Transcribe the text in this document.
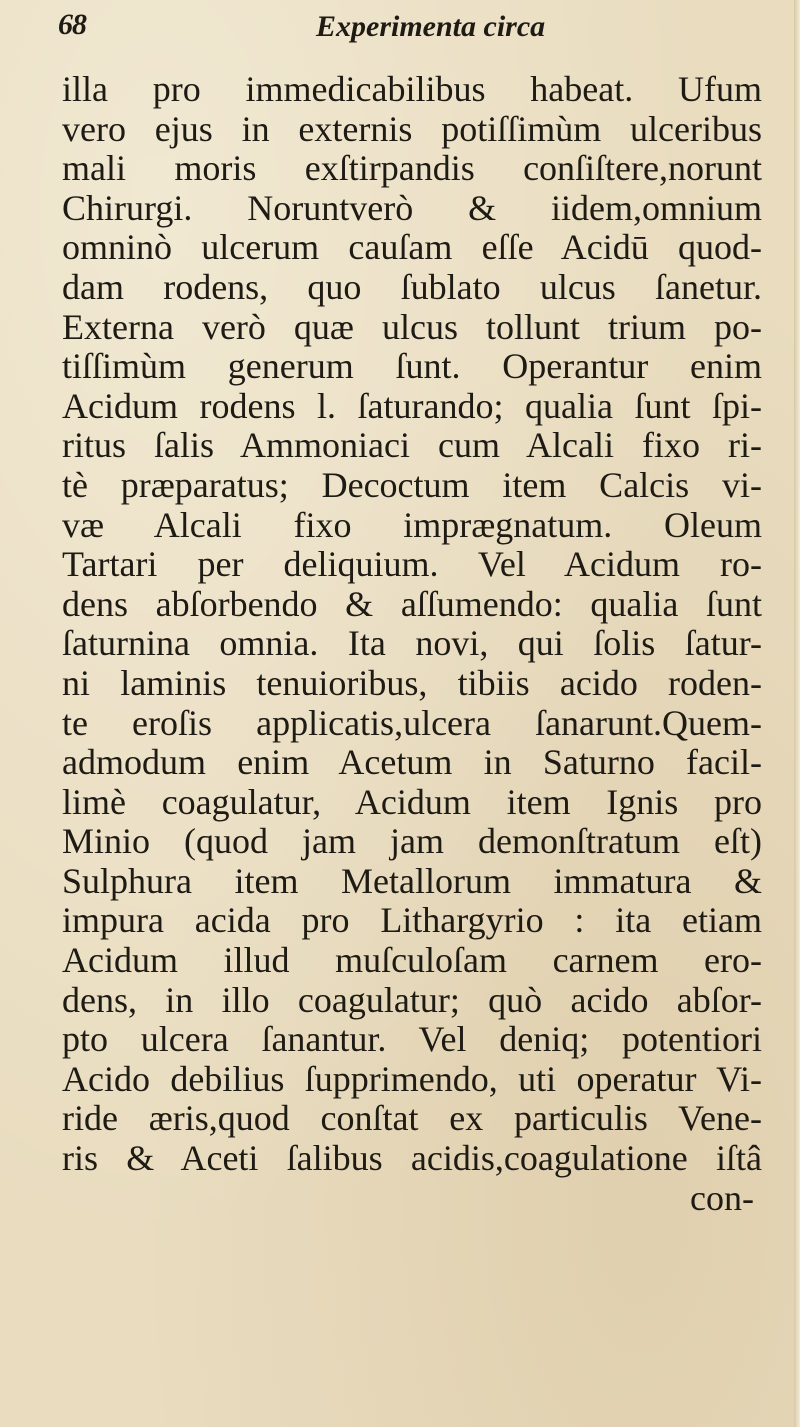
68	Experimenta circa
illa pro immedicabilibus habeat. Ufum
vero ejus in externis potiſſimùm ulceribus
mali moris exſtirpandis conſiſtere,norunt
Chirurgi. Noruntverò & iidem,omnium
omninò ulcerum cauſam eſſe Acidū quod-
dam rodens, quo ſublato ulcus ſanetur.
Externa verò quæ ulcus tollunt trium po-
tiſſimùm generum ſunt. Operantur enim
Acidum rodens l. ſaturando; qualia ſunt ſpi-
ritus ſalis Ammoniaci cum Alcali fixo ri-
tè præparatus; Decoctum item Calcis vi-
væ Alcali fixo imprægnatum. Oleum
Tartari per deliquium. Vel Acidum ro-
dens abſorbendo & aſſumendo: qualia ſunt
ſaturnina omnia. Ita novi, qui ſolis ſatur-
ni laminis tenuioribus, tibiis acido roden-
te eroſis applicatis,ulcera ſanarunt.Quem-
admodum enim Acetum in Saturno facil-
limè coagulatur, Acidum item Ignis pro
Minio (quod jam jam demonſtratum eſt)
Sulphura item Metallorum immatura &
impura acida pro Lithargyrio : ita etiam
Acidum illud muſculoſam carnem ero-
dens, in illo coagulatur; quò acido abſor-
pto ulcera ſanantur. Vel deniq; potentiori
Acido debilius ſupprimendo, uti operatur Vi-
ride æris,quod conſtat ex particulis Vene-
ris & Aceti ſalibus acidis,coagulatione iſtâ
con-
